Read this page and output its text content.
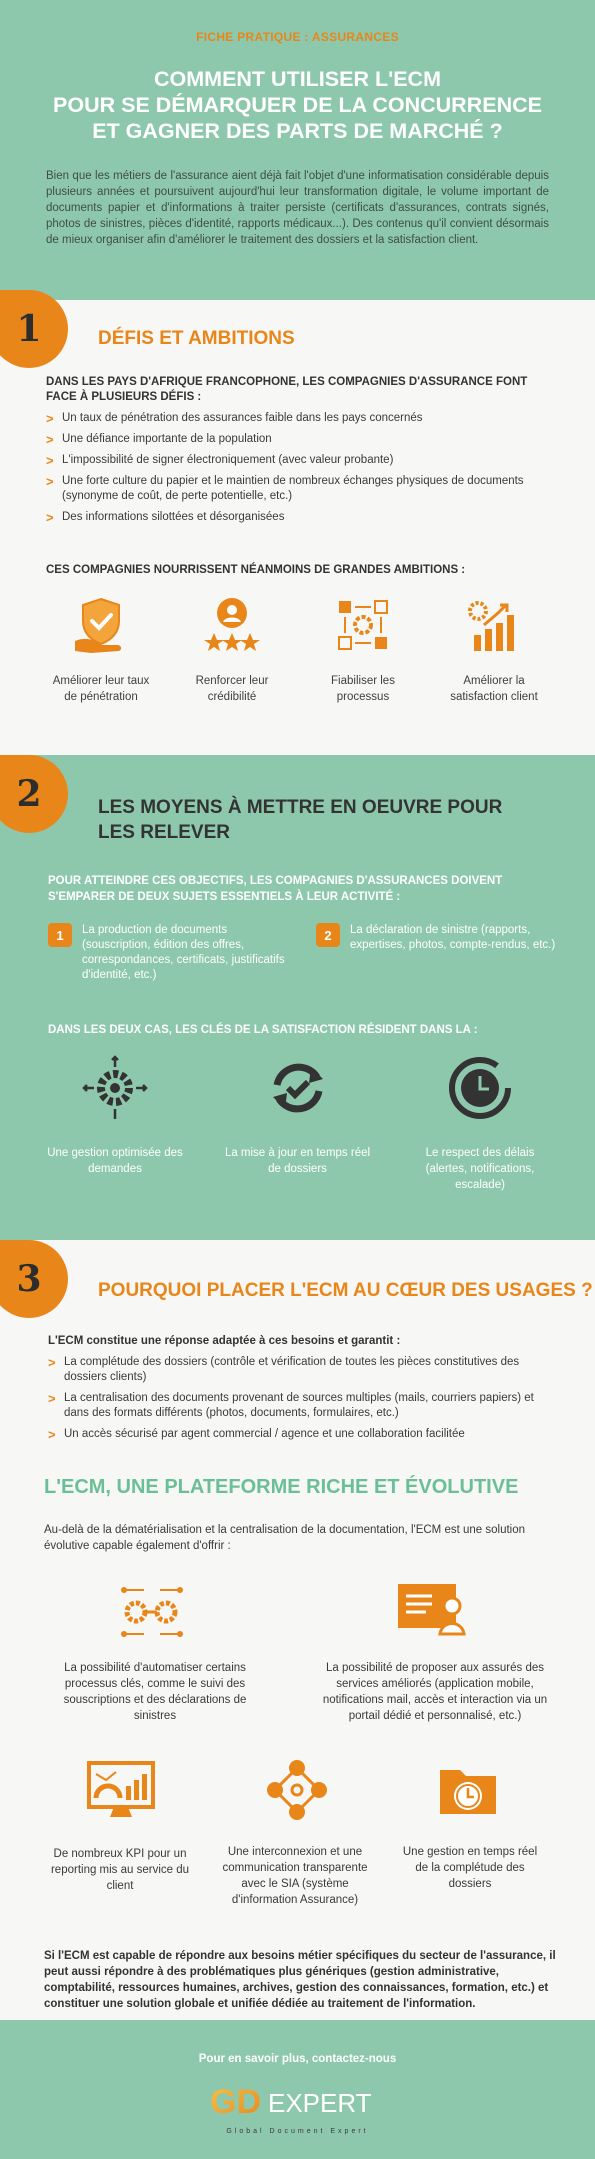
FICHE PRATIQUE : ASSURANCES
COMMENT UTILISER L'ECM
POUR SE DÉMARQUER DE LA CONCURRENCE
ET GAGNER DES PARTS DE MARCHÉ ?

Bien que les métiers de l'assurance aient déjà fait l'objet d'une informatisation considérable depuis plusieurs années et poursuivent aujourd'hui leur transformation digitale, le volume important de documents papier et d'informations à traiter persiste (certificats d'assurances, contrats signés, photos de sinistres, pièces d'identité, rapports médicaux...). Des contenus qu'il convient désormais de mieux organiser afin d'améliorer le traitement des dossiers et la satisfaction client.

1	DÉFIS ET AMBITIONS
DANS LES PAYS D'AFRIQUE FRANCOPHONE, LES COMPAGNIES D'ASSURANCE FONT FACE À PLUSIEURS DÉFIS :
> Un taux de pénétration des assurances faible dans les pays concernés
> Une défiance importante de la population
> L'impossibilité de signer électroniquement (avec valeur probante)
> Une forte culture du papier et le maintien de nombreux échanges physiques de documents (synonyme de coût, de perte potentielle, etc.)
> Des informations silottées et désorganisées
CES COMPAGNIES NOURRISSENT NÉANMOINS DE GRANDES AMBITIONS :
Améliorer leur taux de pénétration
Renforcer leur crédibilité
Fiabiliser les processus
Améliorer la satisfaction client
2	LES MOYENS À METTRE EN OEUVRE POUR
LES RELEVER
POUR ATTEINDRE CES OBJECTIFS, LES COMPAGNIES D'ASSURANCES DOIVENT S'EMPARER DE DEUX SUJETS ESSENTIELS À LEUR ACTIVITÉ :
1	La production de documents (souscription, édition des offres, correspondances, certificats, justificatifs d'identité, etc.)
2	La déclaration de sinistre (rapports, expertises, photos, compte-rendus, etc.)
DANS LES DEUX CAS, LES CLÉS DE LA SATISFACTION RÉSIDENT DANS LA :
Une gestion optimisée des demandes
La mise à jour en temps réel de dossiers
Le respect des délais (alertes, notifications, escalade)
3	POURQUOI PLACER L'ECM AU CŒUR DES USAGES ?
L'ECM constitue une réponse adaptée à ces besoins et garantit :
> La complétude des dossiers (contrôle et vérification de toutes les pièces constitutives des dossiers clients)
> La centralisation des documents provenant de sources multiples (mails, courriers papiers) et dans des formats différents (photos, documents, formulaires, etc.)
> Un accès sécurisé par agent commercial / agence et une collaboration facilitée
L'ECM, UNE PLATEFORME RICHE ET ÉVOLUTIVE

Au-delà de la dématérialisation et la centralisation de la documentation, l'ECM est une solution évolutive capable également d'offrir :

La possibilité d'automatiser certains processus clés, comme le suivi des souscriptions et des déclarations de sinistres
La possibilité de proposer aux assurés des services améliorés (application mobile, notifications mail, accès et interaction via un portail dédié et personnalisé, etc.)
De nombreux KPI pour un reporting mis au service du client
Une interconnexion et une communication transparente avec le SIA (système d'information Assurance)
Une gestion en temps réel de la complétude des dossiers

Si l'ECM est capable de répondre aux besoins métier spécifiques du secteur de l'assurance, il peut aussi répondre à des problématiques plus génériques (gestion administrative, comptabilité, ressources humaines, archives, gestion des connaissances, formation, etc.) et constituer une solution globale et unifiée dédiée au traitement de l'information.

Pour en savoir plus, contactez-nous
GD EXPERT
Global Document Expert
